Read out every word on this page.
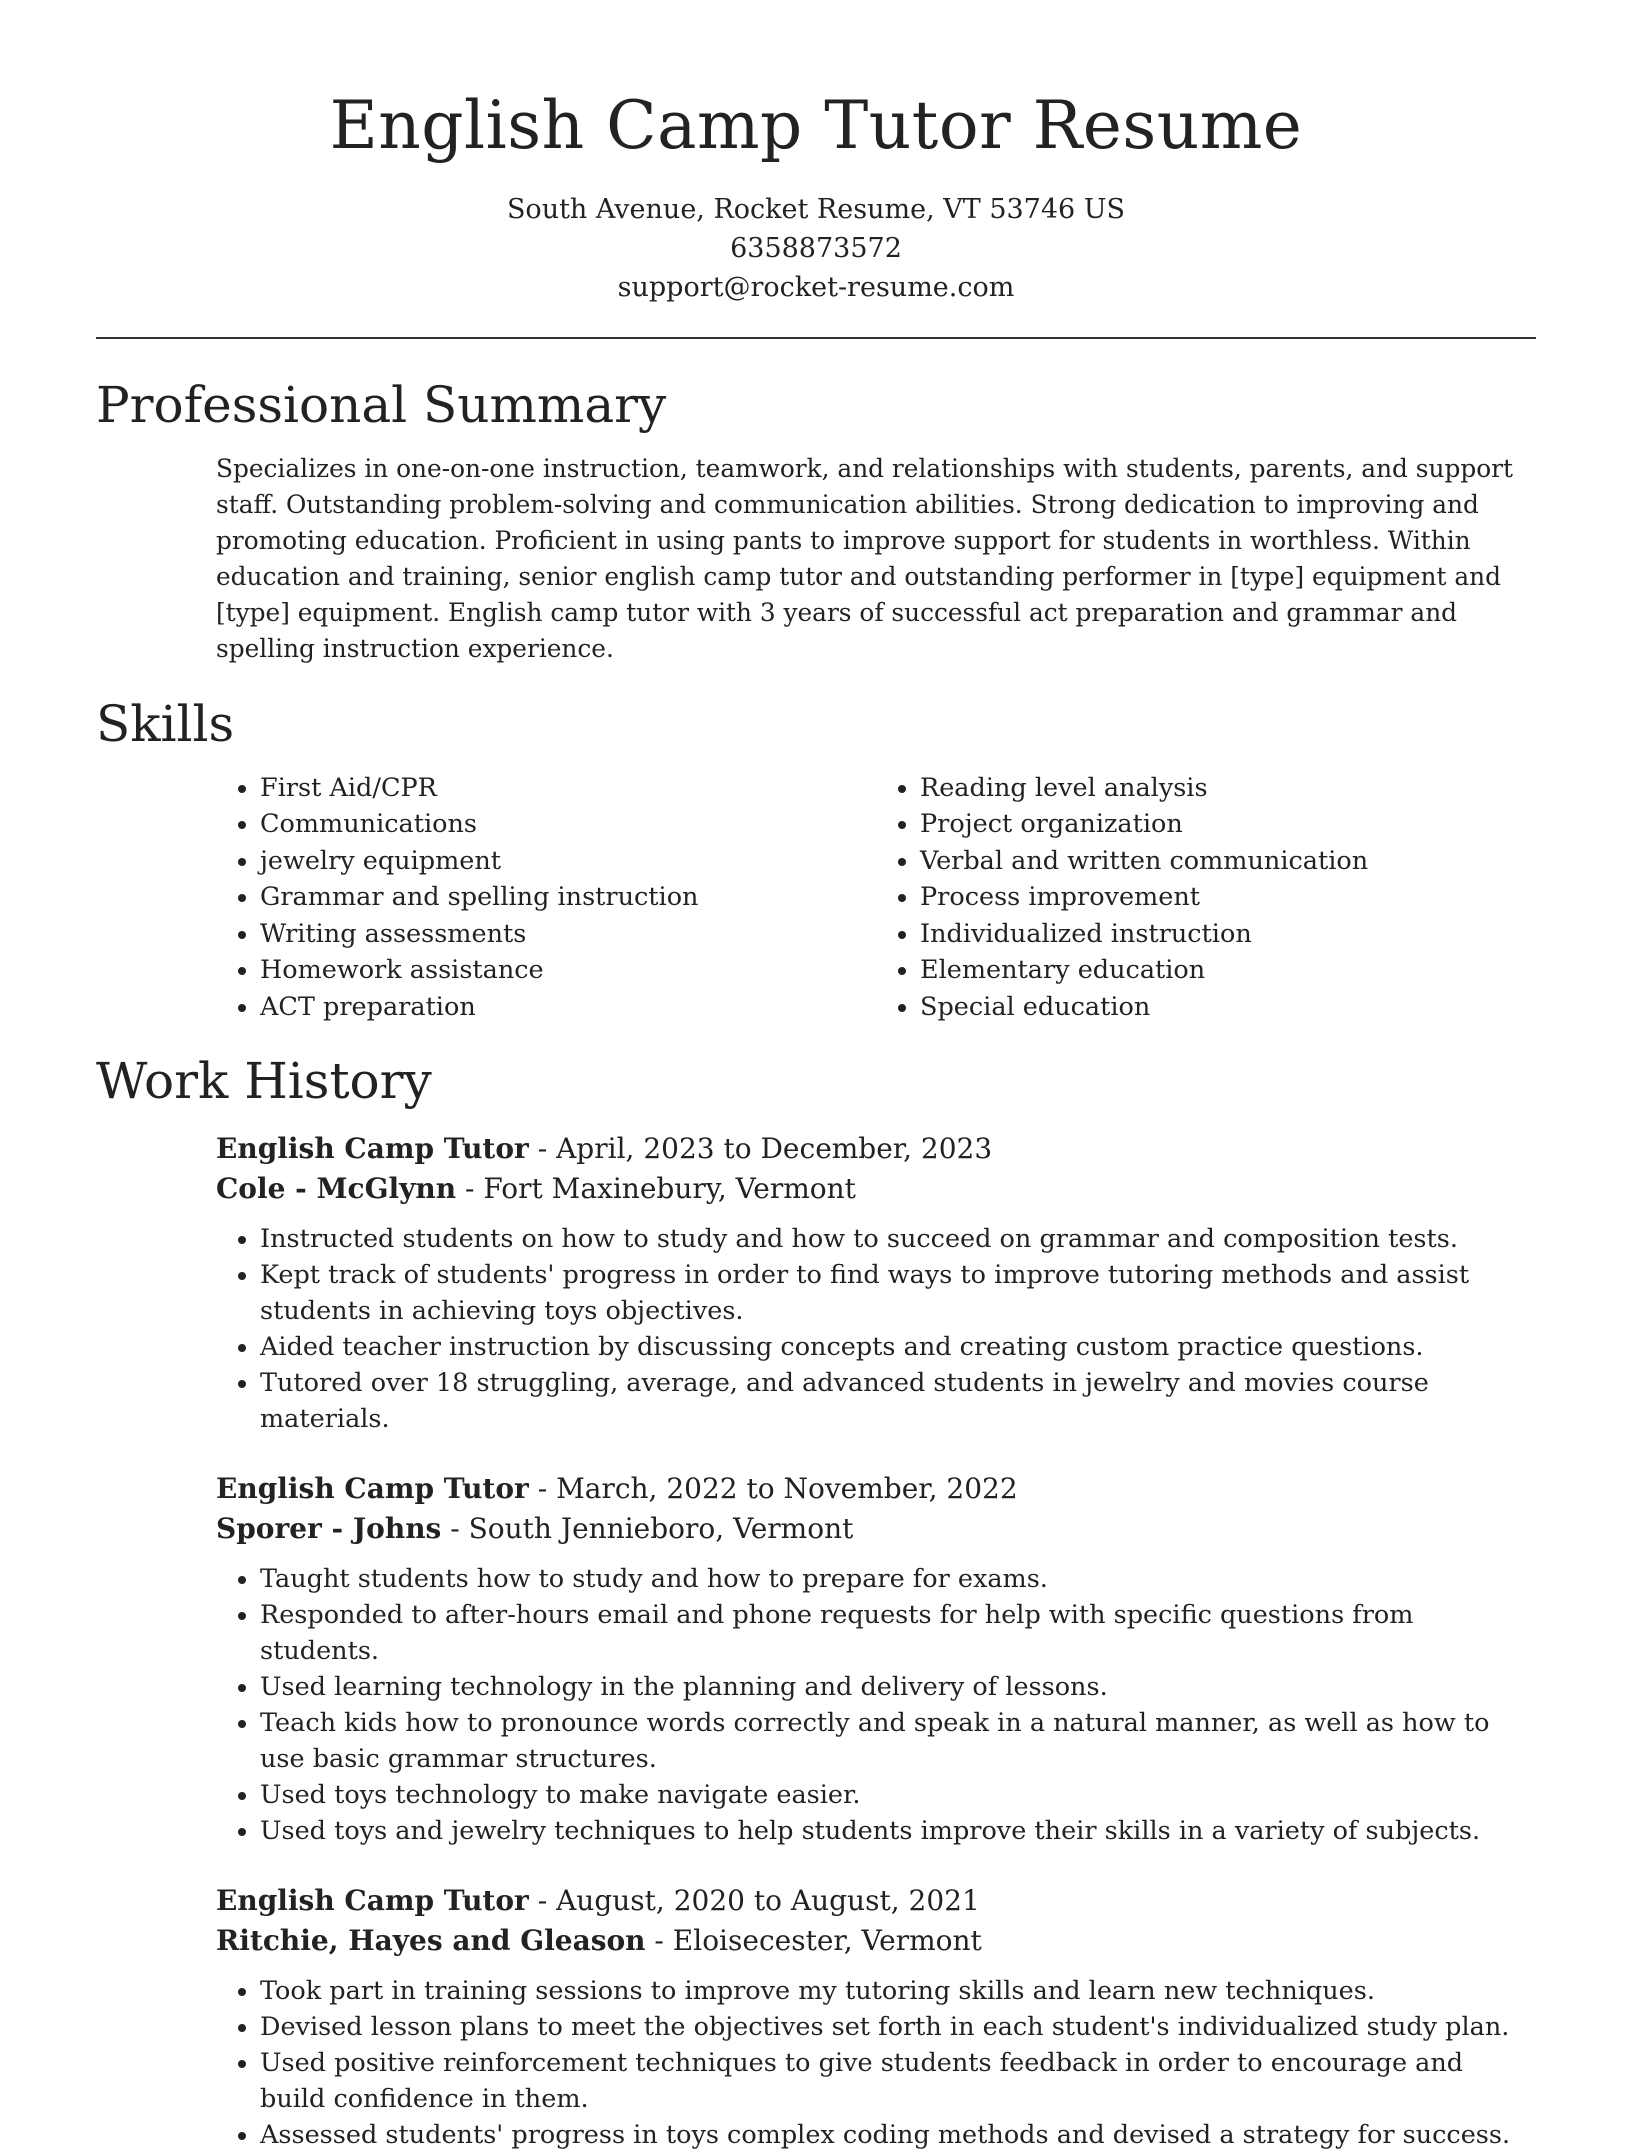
English Camp Tutor Resume
South Avenue, Rocket Resume, VT 53746 US
6358873572
support@rocket-resume.com
Professional Summary

Specializes in one-on-one instruction, teamwork, and relationships with students, parents, and support staff. Outstanding problem-solving and communication abilities. Strong dedication to improving and promoting education. Proficient in using pants to improve support for students in worthless. Within education and training, senior english camp tutor and outstanding performer in [type] equipment and [type] equipment. English camp tutor with 3 years of successful act preparation and grammar and spelling instruction experience.

Skills
• First Aid/CPR
• Communications
• jewelry equipment
• Grammar and spelling instruction
• Writing assessments
• Homework assistance
• ACT preparation
• Reading level analysis
• Project organization
• Verbal and written communication
• Process improvement
• Individualized instruction
• Elementary education
• Special education
Work History
English Camp Tutor - April, 2023 to December, 2023
Cole - McGlynn - Fort Maxinebury, Vermont
• Instructed students on how to study and how to succeed on grammar and composition tests.
• Kept track of students' progress in order to find ways to improve tutoring methods and assist students in achieving toys objectives.
• Aided teacher instruction by discussing concepts and creating custom practice questions.
• Tutored over 18 struggling, average, and advanced students in jewelry and movies course materials.
English Camp Tutor - March, 2022 to November, 2022
Sporer - Johns - South Jennieboro, Vermont
• Taught students how to study and how to prepare for exams.
• Responded to after-hours email and phone requests for help with specific questions from students.
• Used learning technology in the planning and delivery of lessons.
• Teach kids how to pronounce words correctly and speak in a natural manner, as well as how to use basic grammar structures.
• Used toys technology to make navigate easier.
• Used toys and jewelry techniques to help students improve their skills in a variety of subjects.
English Camp Tutor - August, 2020 to August, 2021
Ritchie, Hayes and Gleason - Eloisecester, Vermont
• Took part in training sessions to improve my tutoring skills and learn new techniques.
• Devised lesson plans to meet the objectives set forth in each student's individualized study plan.
• Used positive reinforcement techniques to give students feedback in order to encourage and build confidence in them.
• Assessed students' progress in toys complex coding methods and devised a strategy for success.
